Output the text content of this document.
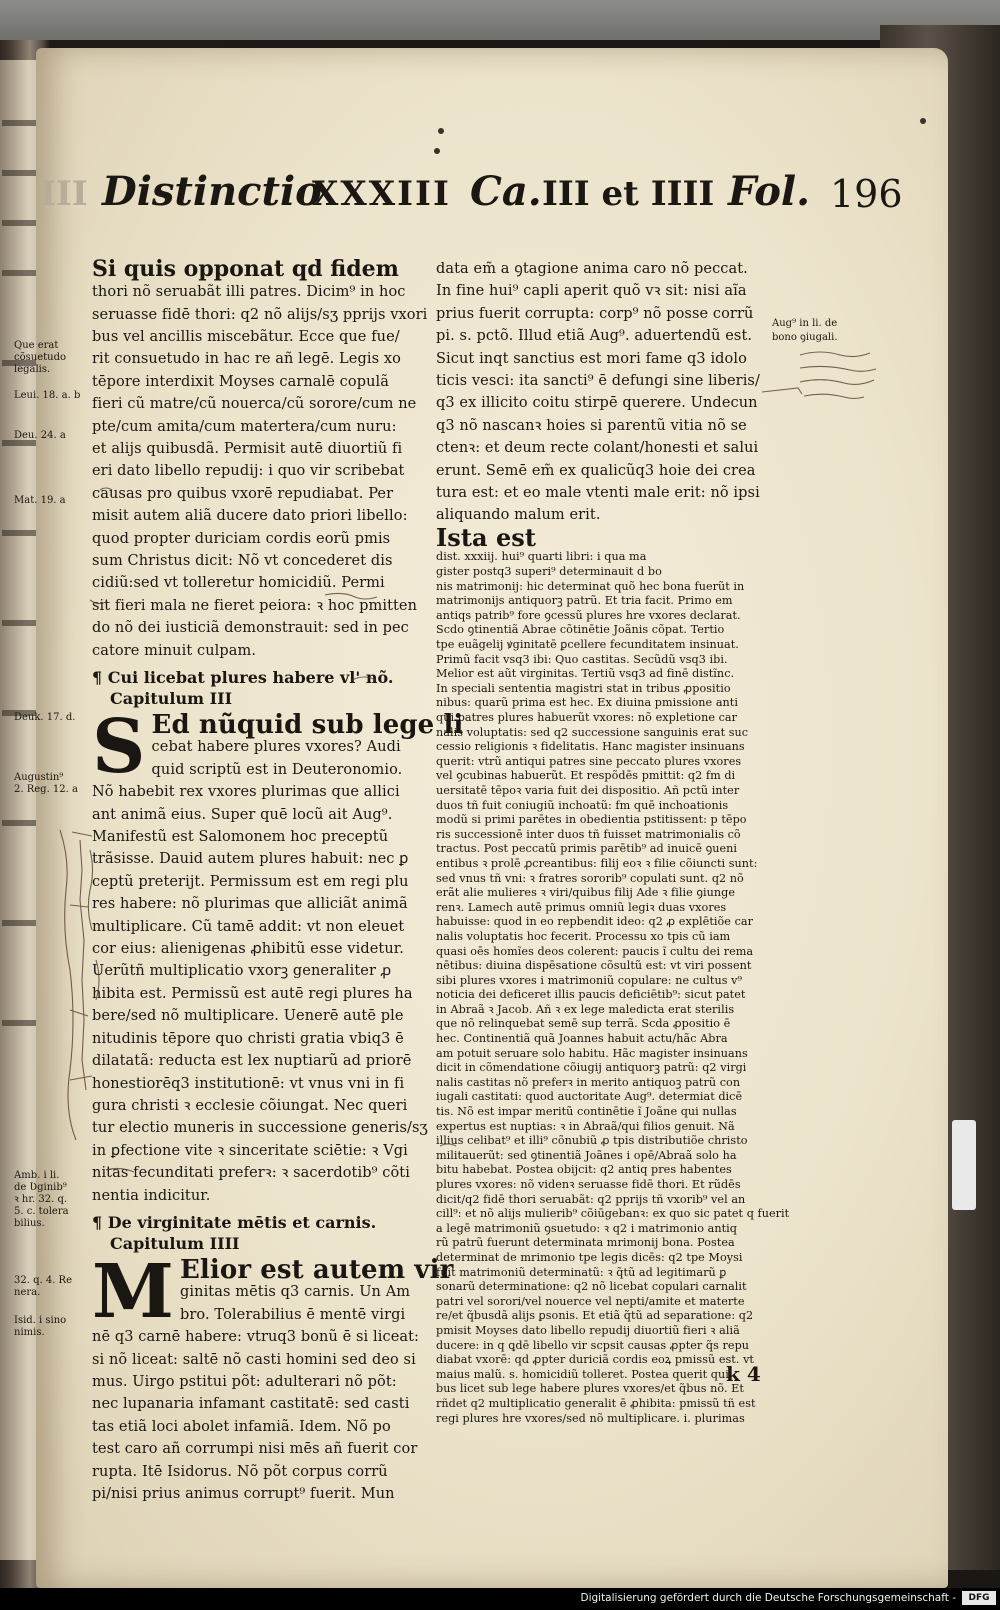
III Distinctio
XXXIII Ca. III et IIII Fol. 196

Si quis opponat qd fidem

thori nõ seruabãt illi patres. Dicim⁹ in hoc

seruasse fidē thori: q2 nõ alijs/sʒ pprijs vxori

bus vel ancillis miscebãtur. Ecce que fue/

rit consuetudo in hac re añ legē. Legis xo

tēpore interdixit Moyses carnalē copulã

fieri cũ matre/cũ nouerca/cũ sorore/cum ne

pte/cum amita/cum matertera/cum nuru:

et alijs quibusdã. Permisit autē diuortiũ fi

eri dato libello repudij: i quo vir scribebat

causas pro quibus vxorē repudiabat. Per

misit autem aliã ducere dato priori libello:

quod propter duriciam cordis eorũ pmis

sum Christus dicit: Nõ vt concederet dis

cidiũ:sed vt tolleretur homicidiũ. Permi

sit fieri mala ne fieret peiora: ꝛ hoc pmitten

do nõ dei iusticiã demonstrauit: sed in pec

catore minuit culpam.

¶ Cui licebat plures habere vl' nõ.
Capitulum III
S Ed nũquid sub lege li

cebat habere plures vxores? Audi

quid scriptũ est in Deuteronomio.

Nõ habebit rex vxores plurimas que allici

ant animã eius. Super quē locũ ait Aug⁹.

Manifestũ est Salomonem hoc preceptũ

trãsisse. Dauid autem plures habuit: nec ꝑ

ceptũ preterijt. Permissum est em regi plu

res habere: nõ plurimas que alliciãt animã

multiplicare. Cũ tamē addit: vt non eleuet

cor eius: alienigenas ꝓhibitũ esse videtur.

Uerũtñ multiplicatio vxorꝫ generaliter ꝓ

hibita est. Permissũ est autē regi plures ha

bere/sed nõ multiplicare. Uenerē autē ple

nitudinis tēpore quo christi gratia vbiq3 ē

dilatatã: reducta est lex nuptiarũ ad priorē

honestiorēq3 institutionē: vt vnus vni in fi

gura christi ꝛ ecclesie cõiungat. Nec queri

tur electio muneris in successione generis/sʒ

in ꝑfectione vite ꝛ sinceritate sciētie: ꝛ Vgi

nitas fecunditati preferꝛ: ꝛ sacerdotib⁹ cõti

nentia indicitur.

¶ De virginitate mētis et carnis.
Capitulum IIII
M Elior est autem vir

ginitas mētis q3 carnis. Un Am

bro. Tolerabilius ē mentē virgi

nē q3 carnē habere: vtruq3 bonũ ē si liceat:

si nõ liceat: saltē nõ casti homini sed deo si

mus. Uirgo pstitui põt: adulterari nõ põt:

nec lupanaria infamant castitatē: sed casti

tas etiã loci abolet infamiã. Idem. Nõ po

test caro añ corrumpi nisi mēs añ fuerit cor

rupta. Itē Isidorus. Nõ põt corpus corrũ

pi/nisi prius animus corrupt⁹ fuerit. Mun

data em̃ a ꝯtagione anima caro nõ peccat.

In fine hui⁹ capli aperit quõ vꝛ sit: nisi aĩa

prius fuerit corrupta: corp⁹ nõ posse corrũ

pi. s. pctõ. Illud etiã Aug⁹. aduertendũ est.

Sicut inqt sanctius est mori fame q3 idolo

ticis vesci: ita sancti⁹ ē defungi sine liberis/

q3 ex illicito coitu stirpē querere. Undecun

q3 nõ nascanꝛ hoies si parentũ vitia nõ se

ctenꝛ: et deum recte colant/honesti et salui

erunt. Semē em̃ ex qualicũq3 hoie dei crea

tura est: et eo male vtenti male erit: nõ ipsi

aliquando malum erit.

Ista est

dist. xxxiij. hui⁹ quarti libri: i qua ma

gister postq3 superi⁹ determinauit d bo

nis matrimonij: hic determinat quõ hec bona fuerũt in

matrimonijs antiquorꝫ patrũ. Et tria facit. Primo em

antiqs patrib⁹ fore ꝯcessũ plures hre vxores declarat.

Scdo ꝯtinentiã Abrae cõtinētie Joãnis cõpat. Tertio

tpe euãgelij ꝟginitatē ꝑcellere fecunditatem insinuat.

Primũ facit vsq3 ibi: Quo castitas. Secũdũ vsq3 ibi.

Melior est aũt virginitas. Tertiũ vsq3 ad finē distĩnc.

In speciali sententia magistri stat in tribus ꝓpositio

nibus: quarũ prima est hec. Ex diuina pmissione anti

qui patres plures habuerũt vxores: nõ expletione car

nalis voluptatis: sed q2 successione sanguinis erat suc

cessio religionis ꝛ fidelitatis. Hanc magister insinuans

querit: vtrũ antiqui patres sine peccato plures vxores

vel ꝯcubinas habuerũt. Et respõdēs pmittit: q2 fm di

uersitatē tēpoꝛ varia fuit dei dispositio. Añ pctũ inter

duos tñ fuit coniugiũ inchoatũ: fm quē inchoationis

modũ si primi parētes in obedientia pstitissent: p tēpo

ris successionē inter duos tñ fuisset matrimonialis cõ

tractus. Post peccatũ primis parētib⁹ ad inuicē ꝯueni

entibus ꝛ prolē ꝓcreantibus: filij eoꝛ ꝛ filie cõiuncti sunt:

sed vnus tñ vni: ꝛ fratres sororib⁹ copulati sunt. q2 nõ

erãt alie mulieres ꝛ viri/quibus filij Ade ꝛ filie ꝯiunge

renꝛ. Lamech autē primus omniũ legiꝛ duas vxores

habuisse: quod in eo repbendit ideo: q2 ꝓ explētiõe car

nalis voluptatis hoc fecerit. Processu xo tpis cũ iam

quasi oēs homĩes deos colerent: paucis ĩ cultu dei rema

nētibus: diuina dispēsatione cõsultũ est: vt viri possent

sibi plures vxores i matrimoniũ copulare: ne cultus v⁹

noticia dei deficeret illis paucis deficiētib⁹: sicut patet

in Abraã ꝛ Jacob. Añ ꝛ ex lege maledicta erat sterilis

que nõ relinquebat semē sup terrã. Scda ꝓpositio ē

hec. Continentiã quã Joannes habuit actu/hãc Abra

am potuit seruare solo habitu. Hãc magister insinuans

dicit in cõmendatione cõiugij antiquorꝫ patrũ: q2 virgi

nalis castitas nõ preferꝛ in merito antiquoꝫ patrũ con

iugali castitati: quod auctoritate Aug⁹. determiat dicē

tis. Nõ est impar meritũ continētie ĩ Joãne qui nullas

expertus est nuptias: ꝛ in Abraã/qui filios genuit. Nã

illius celibat⁹ et illi⁹ cõnubiũ ꝓ tpis distributiõe christo

militauerũt: sed ꝯtinentiã Joãnes i opē/Abraã solo ha

bitu habebat. Postea obijcit: q2 antiq pres habentes

plures vxores: nõ videnꝛ seruasse fidē thori. Et rũdēs

dicit/q2 fidē thori seruabãt: q2 pprijs tñ vxorib⁹ vel an

cill⁹: et nõ alijs mulierib⁹ cõiūgebanꝛ: ex quo sic patet q fuerit

a legē matrimoniũ ꝯsuetudo: ꝛ q2 i matrimonio antiq

rũ patrũ fuerunt determinata mrimonij bona. Postea

determinat de mrimonio tpe legis dicēs: q2 tpe Moysi

fuit matrimoniũ determinatũ: ꝛ q̃tũ ad legitimarũ ꝑ

sonarũ determinatione: q2 nõ licebat copulari carnalit

patri vel sorori/vel nouerce vel nepti/amite et materte

re/et q̃busdã alijs ꝑsonis. Et etiã q̃tũ ad separatione: q2

pmisit Moyses dato libello repudij diuortiũ fieri ꝛ aliã

ducere: in q ꝗdē libello vir scpsit causas ꝓpter q̃s repu

diabat vxorē: qd ꝓpter duriciã cordis eoꝝ pmissũ est. vt

maius malũ. s. homicidiũ tolleret. Postea querit qui

bus licet sub lege habere plures vxores/et q̃bus nõ. Et

rñdet q2 multiplicatio generalit ē ꝓhibita: pmissũ tñ est

regi plures hre vxores/sed nõ multiplicare. i. plurimas

Que erat
cõsuetudo
legalis.
Leui. 18. a. b
Deu. 24. a
Mat. 19. a
Deuk. 17. d.
Augustin⁹
2. Reg. 12. a
Amb. i li.
de Ʋginib⁹
ꝛ hr. 32. q.
5. c. tolera
bilius.
32. q. 4. Re
nera.
Isid. i sino
nimis.
Aug⁹ in li. de
bono ꝯiugali.
k 4
Digitalisierung gefördert durch die Deutsche Forschungsgemeinschaft -	DFG
